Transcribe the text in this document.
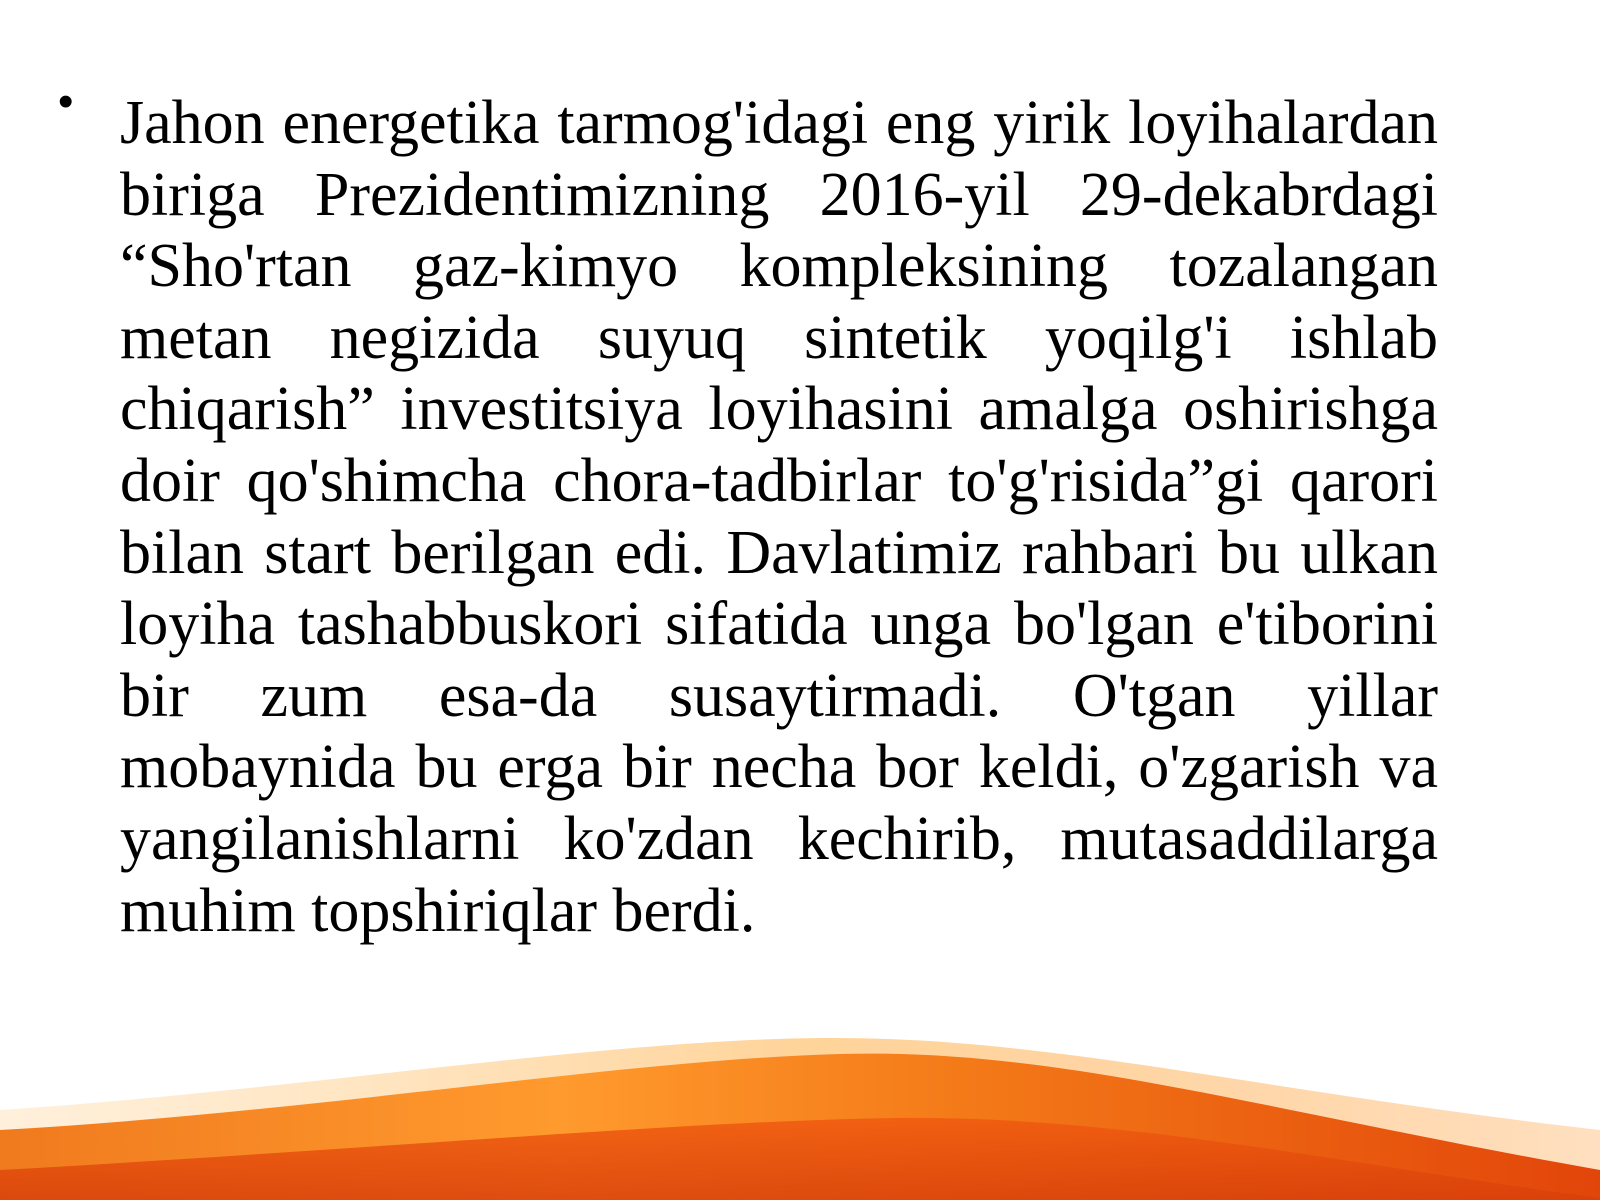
• Jahon energetika tarmog'idagi eng yirik loyihalardan biriga Prezidentimizning 2016-yil 29-dekabrdagi “Sho'rtan gaz-kimyo kompleksining tozalangan metan negizida suyuq sintetik yoqilg'i ishlab chiqarish” investitsiya loyihasini amalga oshirishga doir qo'shimcha chora-tadbirlar to'g'risida”gi qarori bilan start berilgan edi. Davlatimiz rahbari bu ulkan loyiha tashabbuskori sifatida unga bo'lgan e'tiborini bir zum esa-da susaytirmadi. O'tgan yillar mobaynida bu erga bir necha bor keldi, o'zgarish va yangilanishlarni ko'zdan kechirib, mutasaddilarga muhim topshiriqlar berdi.
